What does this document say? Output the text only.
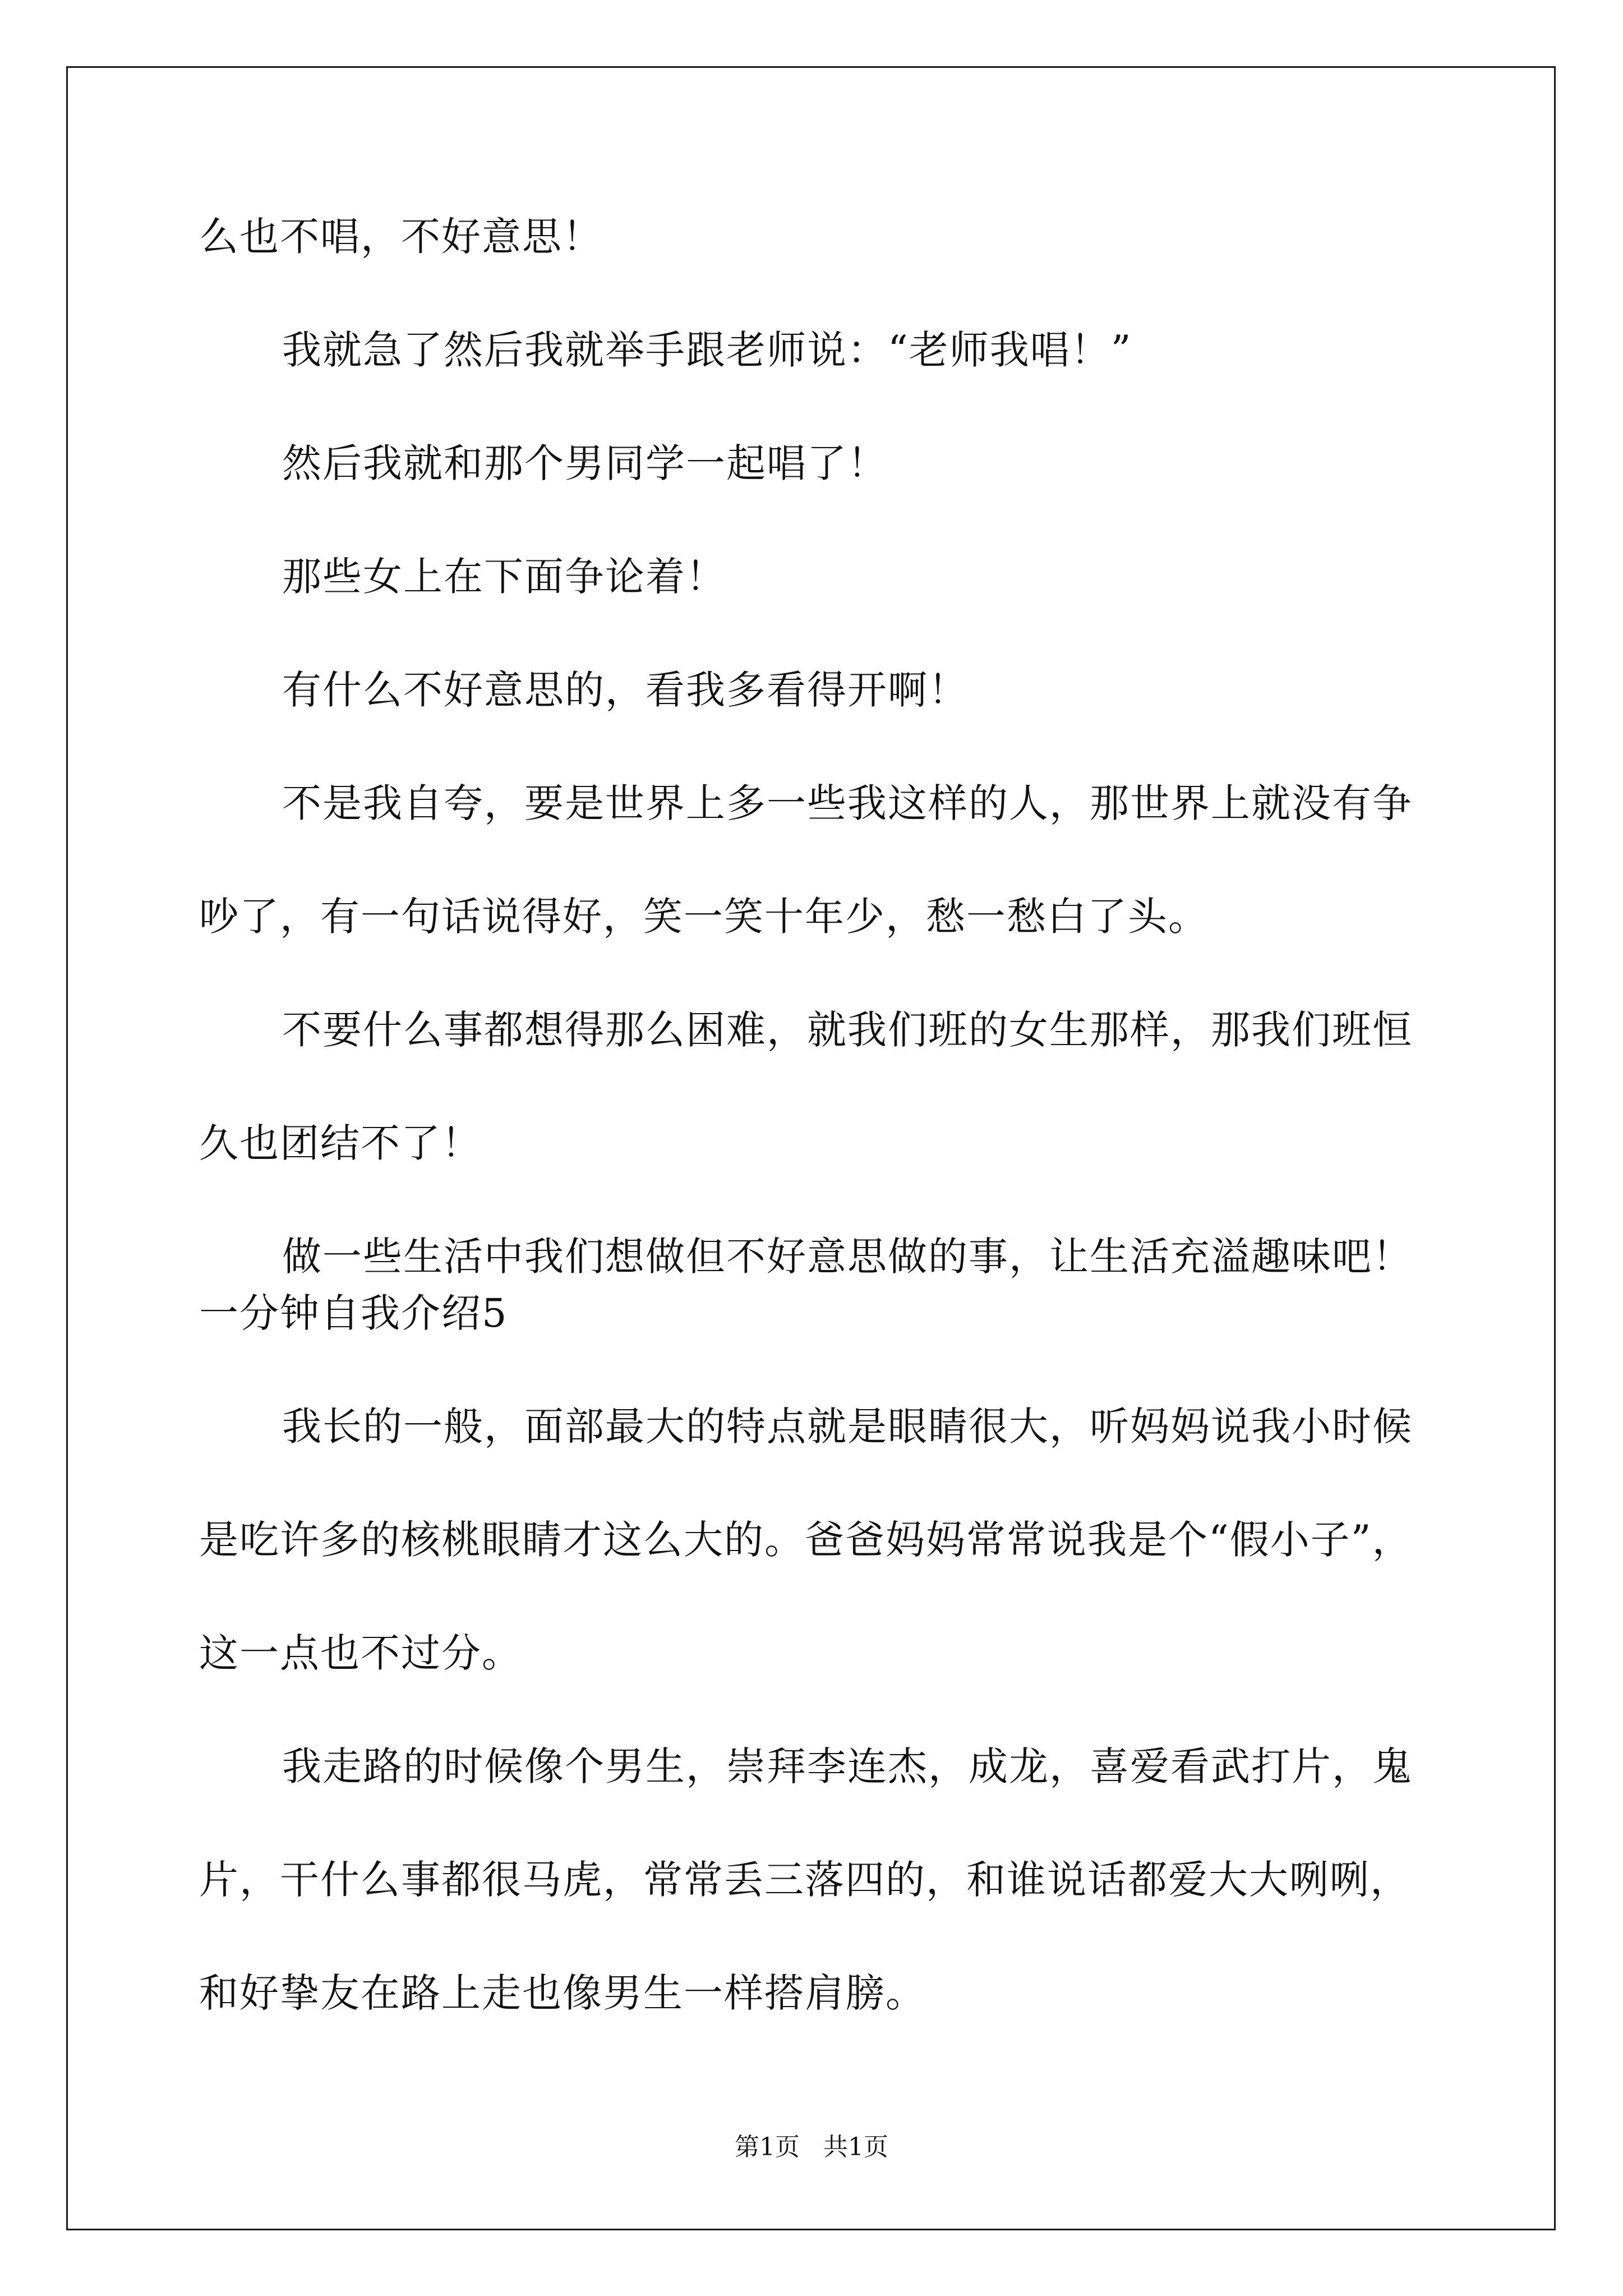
么也不唱，不好意思！
我就急了然后我就举手跟老师说：“老师我唱！”
然后我就和那个男同学一起唱了！
那些女上在下面争论着！
有什么不好意思的，看我多看得开啊！
不是我自夸，要是世界上多一些我这样的人，那世界上就没有争
吵了，有一句话说得好，笑一笑十年少，愁一愁白了头。
不要什么事都想得那么困难，就我们班的女生那样，那我们班恒
久也团结不了！
做一些生活中我们想做但不好意思做的事，让生活充溢趣味吧！
一分钟自我介绍5
我长的一般，面部最大的特点就是眼睛很大，听妈妈说我小时候
是吃许多的核桃眼睛才这么大的。爸爸妈妈常常说我是个“假小子”，
这一点也不过分。
我走路的时候像个男生，崇拜李连杰，成龙，喜爱看武打片，鬼
片，干什么事都很马虎，常常丢三落四的，和谁说话都爱大大咧咧，
和好挚友在路上走也像男生一样搭肩膀。
第1页 共1页
